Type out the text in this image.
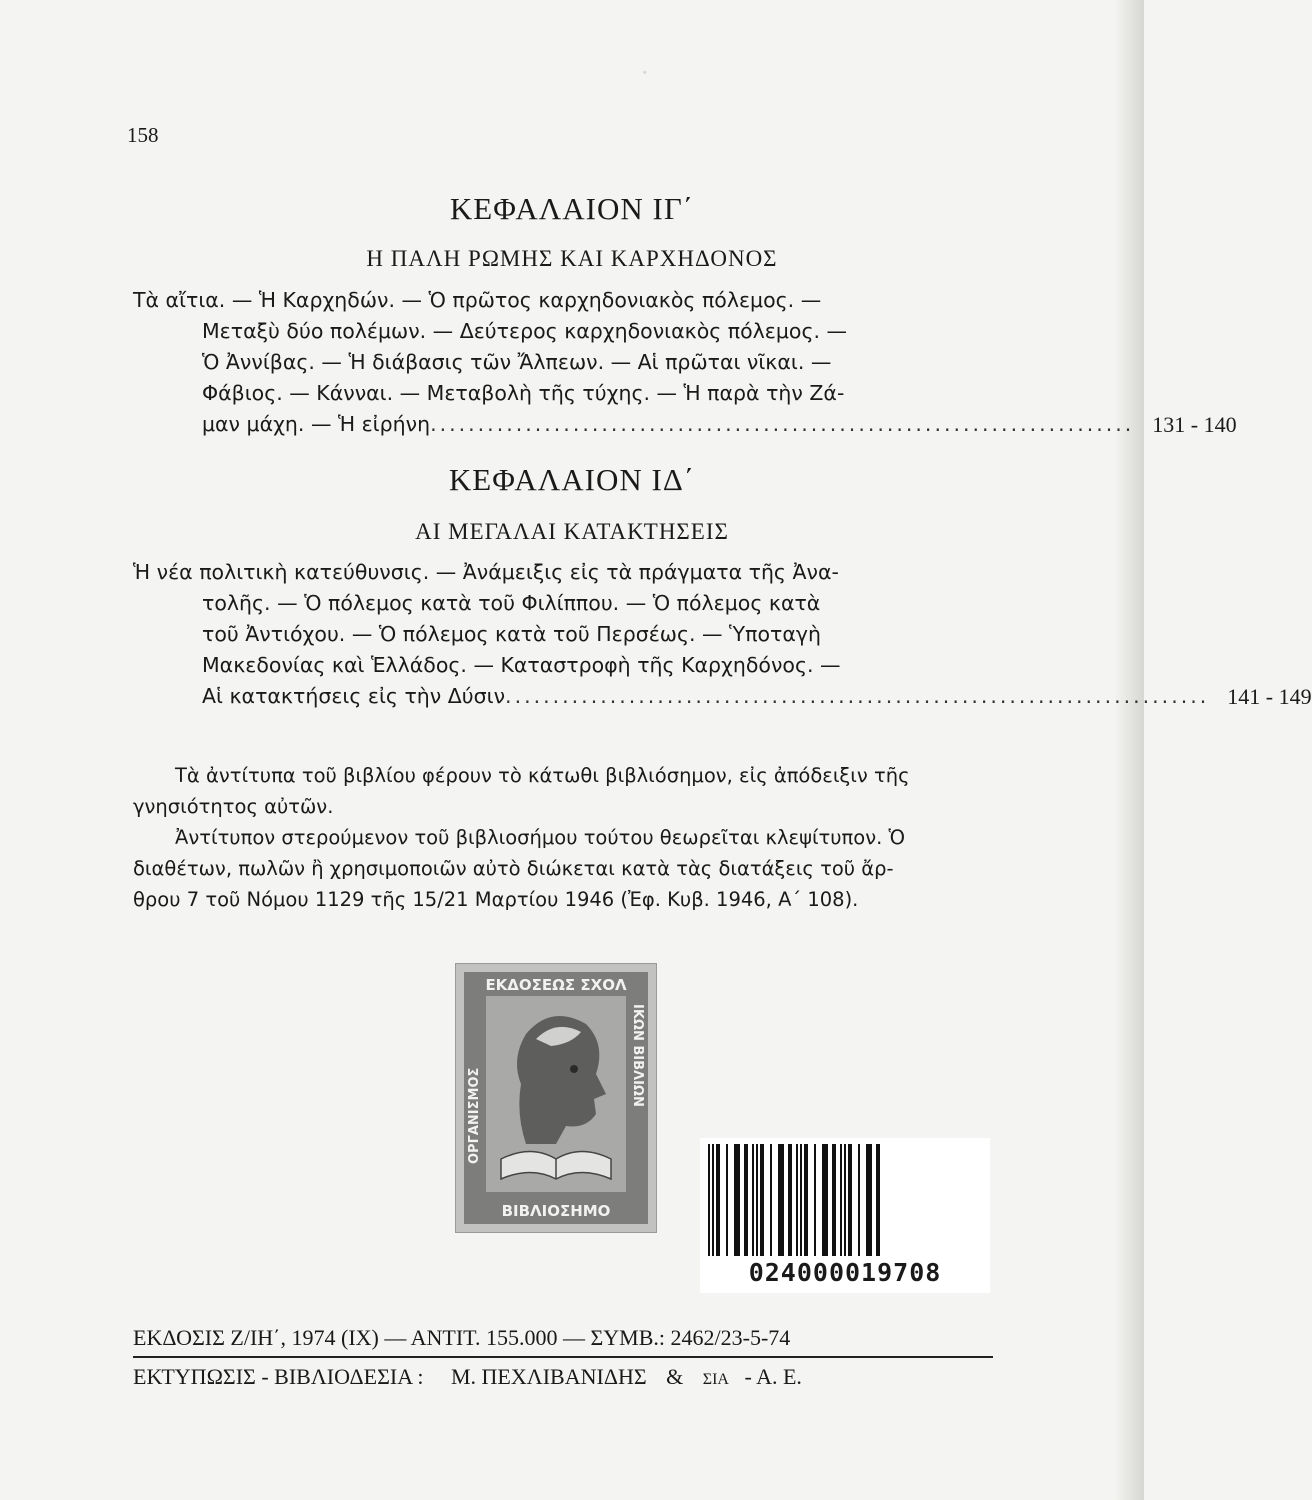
·
158
ΚΕΦΑΛΑΙΟΝ ΙΓ΄
Η ΠΑΛΗ ΡΩΜΗΣ ΚΑΙ ΚΑΡΧΗΔΟΝΟΣ
Τὰ αἴτια. — Ἡ Καρχηδών. — Ὁ πρῶτος καρχηδονιακὸς πόλεμος. —
Μεταξὺ δύο πολέμων. — Δεύτερος καρχηδονιακὸς πόλεμος. —
Ὁ Ἀννίβας. — Ἡ διάβασις τῶν Ἄλπεων. — Αἱ πρῶται νῖκαι. —
Φάβιος. — Κάνναι. — Μεταβολὴ τῆς τύχης. — Ἡ παρὰ τὴν Ζά-
μαν μάχη. — Ἡ εἰρήνη .......................................................................... 131 - 140
ΚΕΦΑΛΑΙΟΝ ΙΔ΄
ΑΙ ΜΕΓΑΛΑΙ ΚΑΤΑΚΤΗΣΕΙΣ
Ἡ νέα πολιτικὴ κατεύθυνσις. — Ἀνάμειξις εἰς τὰ πράγματα τῆς Ἀνα-
τολῆς. — Ὁ πόλεμος κατὰ τοῦ Φιλίππου. — Ὁ πόλεμος κατὰ
τοῦ Ἀντιόχου. — Ὁ πόλεμος κατὰ τοῦ Περσέως. — Ὑποταγὴ
Μακεδονίας καὶ Ἑλλάδος. — Καταστροφὴ τῆς Καρχηδόνος. —
Αἱ κατακτήσεις εἰς τὴν Δύσιν .......................................................................... 141 - 149
Τὰ ἀντίτυπα τοῦ βιβλίου φέρουν τὸ κάτωθι βιβλιόσημον, εἰς ἀπόδειξιν τῆς
γνησιότητος αὐτῶν.
Ἀντίτυπον στερούμενον τοῦ βιβλιοσήμου τούτου θεωρεῖται κλεψίτυπον. Ὁ
διαθέτων, πωλῶν ἢ χρησιμοποιῶν αὐτὸ διώκεται κατὰ τὰς διατάξεις τοῦ ἄρ-
θρου 7 τοῦ Νόμου 1129 τῆς 15/21 Μαρτίου 1946 (Ἐφ. Κυβ. 1946, Α΄ 108).
ΕΚΔΟΣΕΩΣ ΣΧΟΛ
ΒΙΒΛΙΟΣΗΜΟ
ΟΡΓΑΝΙΣΜΟΣ
ΙΚΩΝ ΒΙΒΛΙΩΝ
024000019708
ΕΚΔΟΣΙΣ Ζ/ΙΗ΄, 1974 (ΙΧ) — ΑΝΤΙΤ. 155.000 — ΣΥΜΒ.: 2462/23-5-74
ΕΚΤΥΠΩΣΙΣ - ΒΙΒΛΙΟΔΕΣΙΑ : Μ. ΠΕΧΛΙΒΑΝΙΔΗΣ & ΣΙΑ - Α. Ε.
